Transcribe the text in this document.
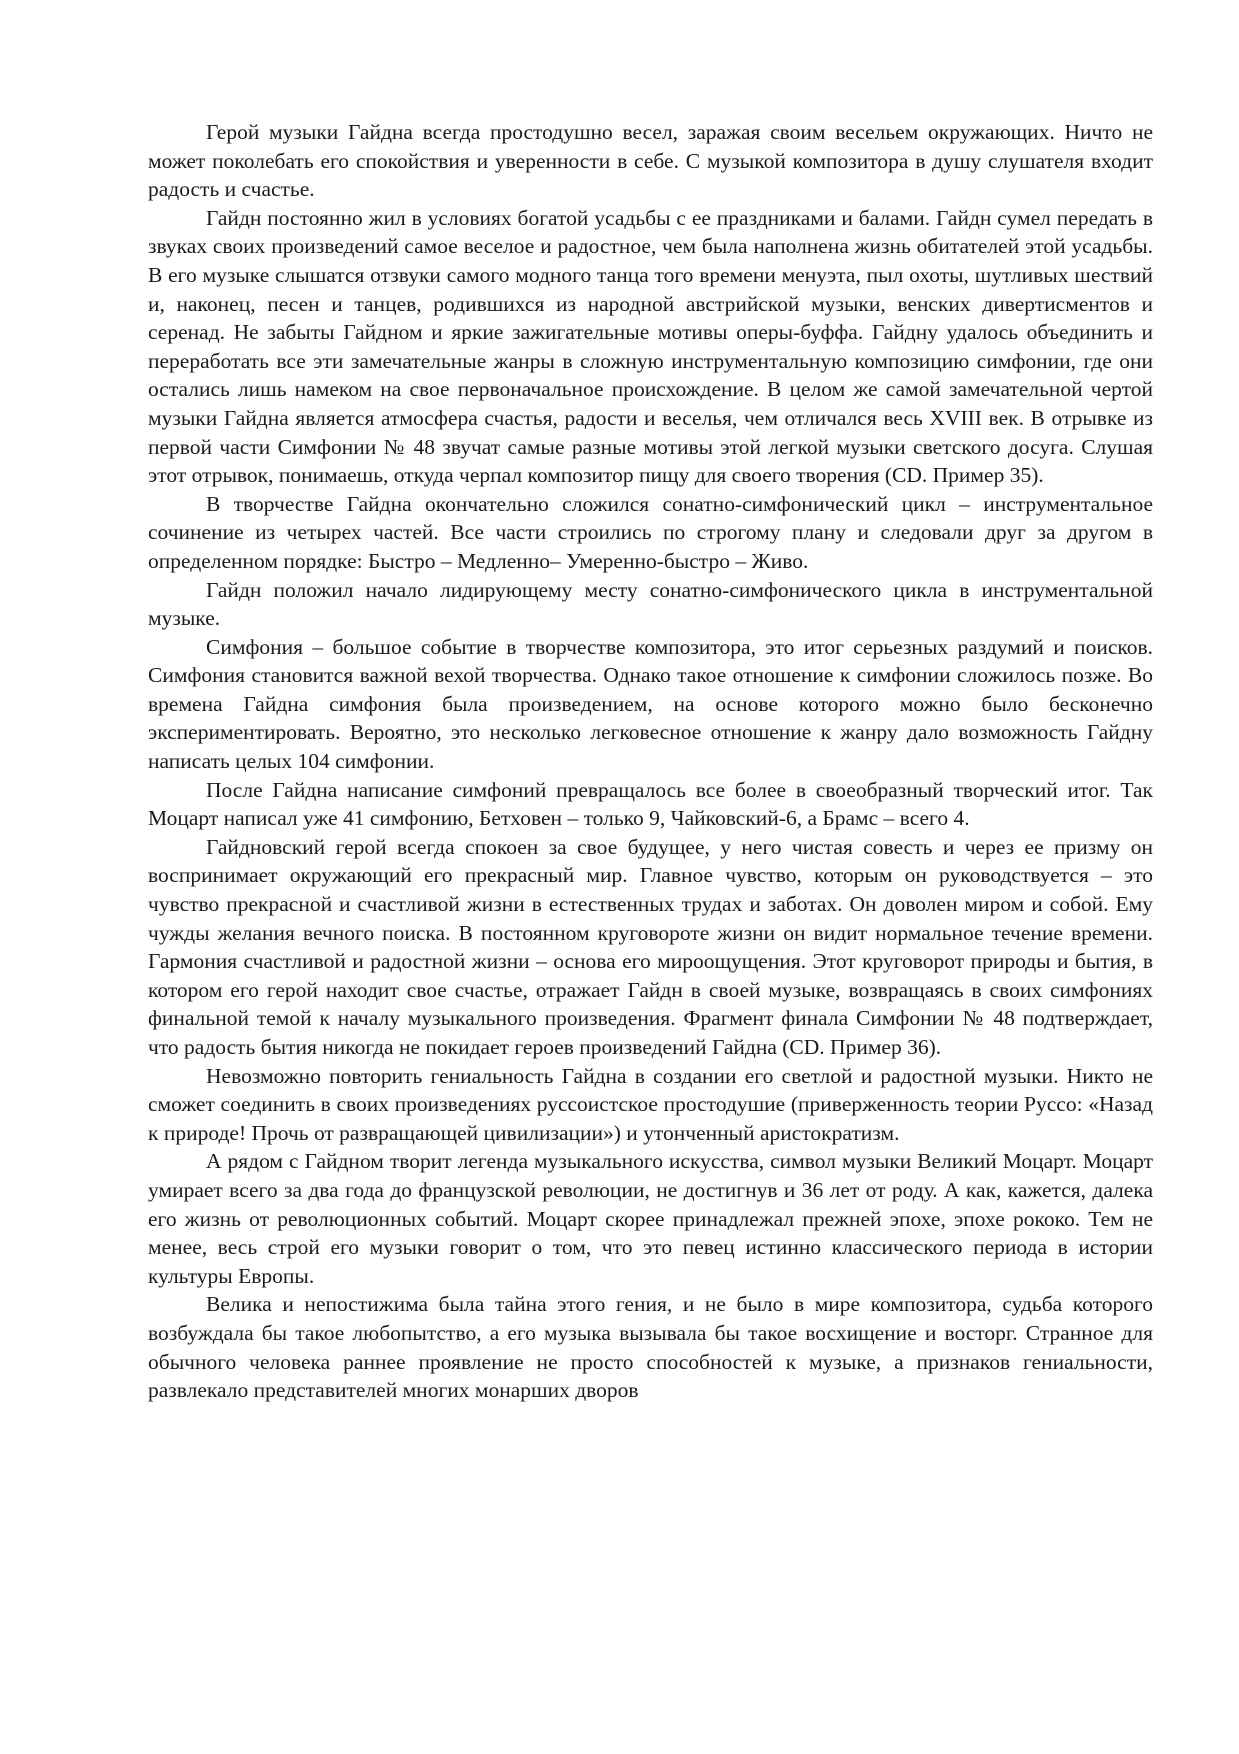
Герой музыки Гайдна всегда простодушно весел, заражая своим весельем окружающих. Ничто не может поколебать его спокойствия и уверенности в себе. С музыкой композитора в душу слушателя входит радость и счастье.

Гайдн постоянно жил в условиях богатой усадьбы с ее праздниками и балами. Гайдн сумел передать в звуках своих произведений самое веселое и радостное, чем была наполнена жизнь обитателей этой усадьбы. В его музыке слышатся отзвуки самого модного танца того времени менуэта, пыл охоты, шутливых шествий и, наконец, песен и танцев, родившихся из народной австрийской музыки, венских дивертисментов и серенад. Не забыты Гайдном и яркие зажигательные мотивы оперы-буффа. Гайдну удалось объединить и переработать все эти замечательные жанры в сложную инструментальную композицию симфонии, где они остались лишь намеком на свое первоначальное происхождение. В целом же самой замечательной чертой музыки Гайдна является атмосфера счастья, радости и веселья, чем отличался весь XVIII век. В отрывке из первой части Симфонии № 48 звучат самые разные мотивы этой легкой музыки светского досуга. Слушая этот отрывок, понимаешь, откуда черпал композитор пищу для своего творения (CD. Пример 35).

В творчестве Гайдна окончательно сложился сонатно-симфонический цикл – инструментальное сочинение из четырех частей. Все части строились по строгому плану и следовали друг за другом в определенном порядке: Быстро – Медленно– Умеренно-быстро – Живо.

Гайдн положил начало лидирующему месту сонатно-симфонического цикла в инструментальной музыке.

Симфония – большое событие в творчестве композитора, это итог серьезных раздумий и поисков. Симфония становится важной вехой творчества. Однако такое отношение к симфонии сложилось позже. Во времена Гайдна симфония была произведением, на основе которого можно было бесконечно экспериментировать. Вероятно, это несколько легковесное отношение к жанру дало возможность Гайдну написать целых 104 симфонии.

После Гайдна написание симфоний превращалось все более в своеобразный творческий итог. Так Моцарт написал уже 41 симфонию, Бетховен – только 9, Чайковский-6, а Брамс – всего 4.

Гайдновский герой всегда спокоен за свое будущее, у него чистая совесть и через ее призму он воспринимает окружающий его прекрасный мир. Главное чувство, которым он руководствуется – это чувство прекрасной и счастливой жизни в естественных трудах и заботах. Он доволен миром и собой. Ему чужды желания вечного поиска. В постоянном круговороте жизни он видит нормальное течение времени. Гармония счастливой и радостной жизни – основа его мироощущения. Этот круговорот природы и бытия, в котором его герой находит свое счастье, отражает Гайдн в своей музыке, возвращаясь в своих симфониях финальной темой к началу музыкального произведения. Фрагмент финала Симфонии № 48 подтверждает, что радость бытия никогда не покидает героев произведений Гайдна (CD. Пример 36).

Невозможно повторить гениальность Гайдна в создании его светлой и радостной музыки. Никто не сможет соединить в своих произведениях руссоистское простодушие (приверженность теории Руссо: «Назад к природе! Прочь от развращающей цивилизации») и утонченный аристократизм.

А рядом с Гайдном творит легенда музыкального искусства, символ музыки Великий Моцарт. Моцарт умирает всего за два года до французской революции, не достигнув и 36 лет от роду. А как, кажется, далека его жизнь от революционных событий. Моцарт скорее принадлежал прежней эпохе, эпохе рококо. Тем не менее, весь строй его музыки говорит о том, что это певец истинно классического периода в истории культуры Европы.

Велика и непостижима была тайна этого гения, и не было в мире композитора, судьба которого возбуждала бы такое любопытство, а его музыка вызывала бы такое восхищение и восторг. Странное для обычного человека раннее проявление не просто способностей к музыке, а признаков гениальности, развлекало представителей многих монарших дворов
